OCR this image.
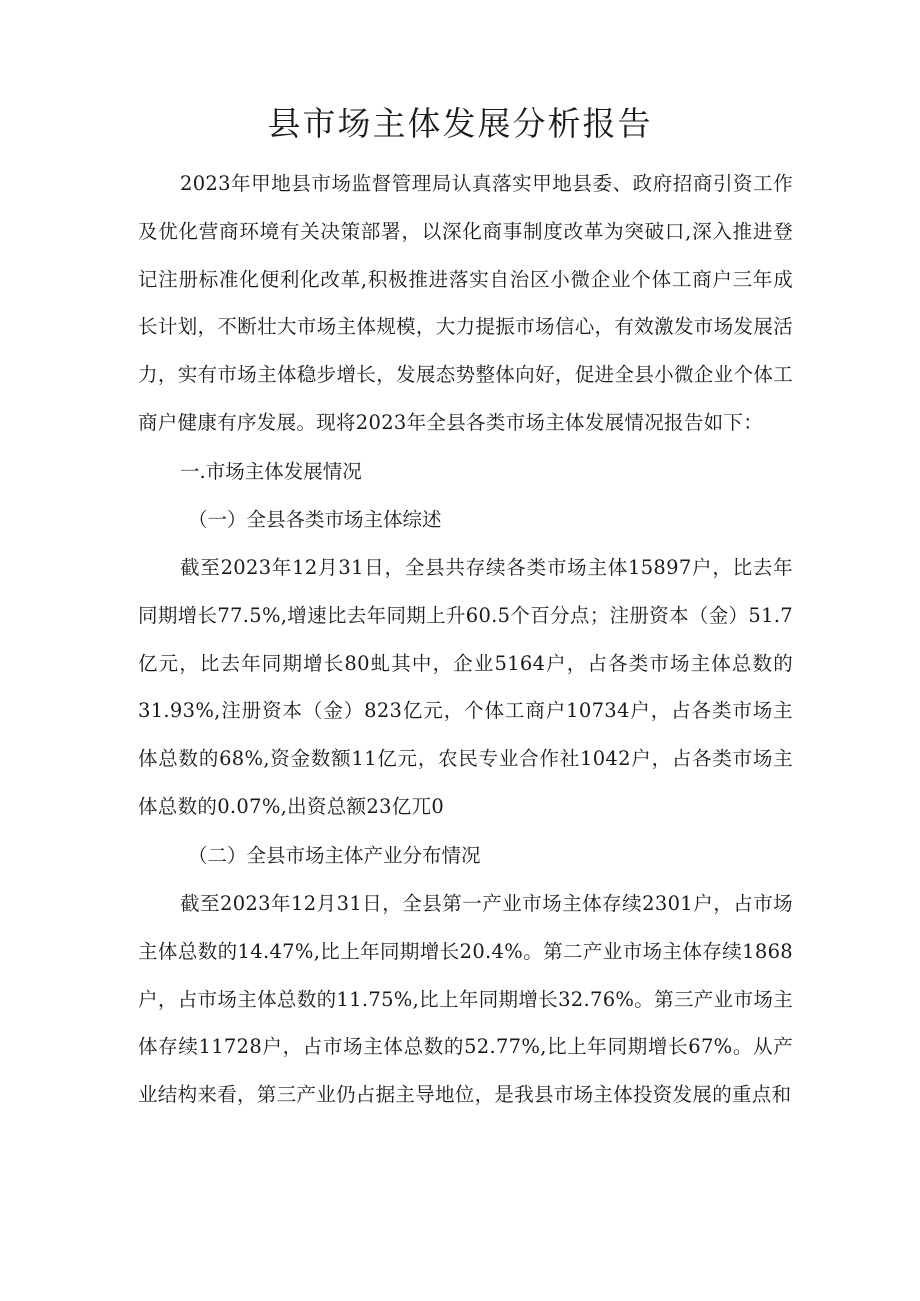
县市场主体发展分析报告

2023年甲地县市场监督管理局认真落实甲地县委、政府招商引资工作及优化营商环境有关决策部署，以深化商事制度改革为突破口,深入推进登记注册标准化便利化改革,积极推进落实自治区小微企业个体工商户三年成长计划，不断壮大市场主体规模，大力提振市场信心，有效激发市场发展活力，实有市场主体稳步增长，发展态势整体向好，促进全县小微企业个体工商户健康有序发展。现将2023年全县各类市场主体发展情况报告如下：

一.市场主体发展情况
（一）全县各类市场主体综述

截至2023年12月31日，全县共存续各类市场主体15897户，比去年同期增长77.5%,增速比去年同期上升60.5个百分点；注册资本（金）51.7亿元，比去年同期增长80虬其中，企业5164户，占各类市场主体总数的31.93%,注册资本（金）823亿元，个体工商户10734户，占各类市场主体总数的68%,资金数额11亿元，农民专业合作社1042户，占各类市场主体总数的0.07%,出资总额23亿兀0

（二）全县市场主体产业分布情况

截至2023年12月31日，全县第一产业市场主体存续2301户，占市场主体总数的14.47%,比上年同期增长20.4%。第二产业市场主体存续1868户，占市场主体总数的11.75%,比上年同期增长32.76%。第三产业市场主体存续11728户，占市场主体总数的52.77%,比上年同期增长67%。从产业结构来看，第三产业仍占据主导地位，是我县市场主体投资发展的重点和
